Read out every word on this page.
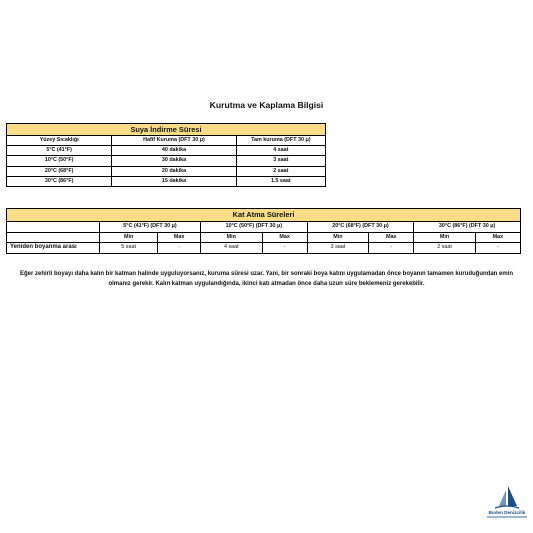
Kurutma ve Kaplama Bilgisi
Suya İndirme Süresi		
Yüzey Sıcaklığı	Hafif Kuruma (DFT 30 μ)	Tam kuruma (DFT 30 μ)
5°C (41°F)	40 dakika	4 saat
10°C (50°F)	30 dakika	3 saat
20°C (68°F)	20 dakika	2 saat
30°C (86°F)	15 dakika	1.5 saat
Kat Atma Süreleri								
	5°C (41°F) (DFT 30 μ)		10°C (50°F) (DFT 30 μ)		20°C (68°F) (DFT 30 μ)		30°C (86°F) (DFT 30 μ)	
	Min	Max	Min	Max	Min	Max	Min	Max
Yeniden boyanma arası	5 saat	-	4 saat	-	3 saat	-	2 saat	-
Eğer zehirli boyayı daha kalın bir katman halinde uyguluyorsanız, kuruma süresi uzar. Yani, bir sonraki boya katını uygulamadan önce boyanın tamamen kuruduğundan emin olmanız gerekir. Kalın katman uygulandığında, ikinci katı atmadan önce daha uzun süre beklemeniz gerekebilir.
Buden Denizcilik
